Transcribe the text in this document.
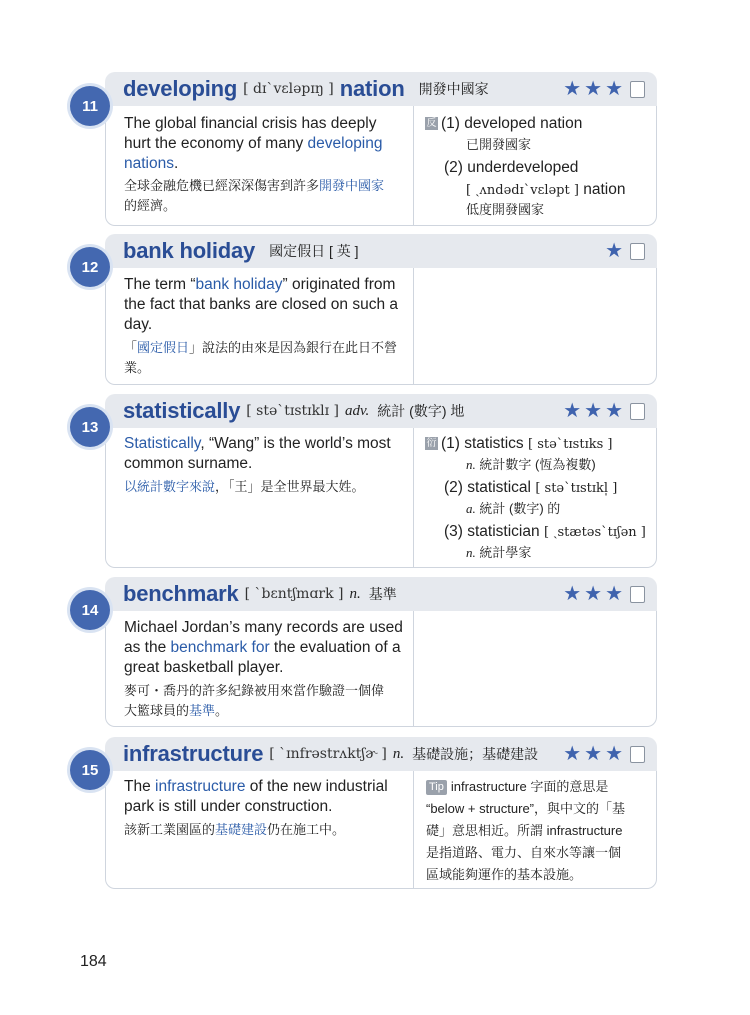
developing [ dɪˋvɛləpɪŋ ] nation 開發中國家	★ ★ ★
11
The global financial crisis has deeply
hurt the economy of many developing
nations.
全球金融危機已經深深傷害到許多開發中國家
的經濟。
反 (1) developed nation
已開發國家
(2) underdeveloped
[ ˏʌndədɪˋvɛləpt ] nation
低度開發國家
bank holiday 國定假日 [ 英 ]	★
12
The term “bank holiday” originated from
the fact that banks are closed on such a
day.
「國定假日」說法的由來是因為銀行在此日不營
業。
statistically [ stəˋtɪstɪklɪ ] adv. 統計 (數字) 地	★ ★ ★
13
Statistically, “Wang” is the world’s most
common surname.
以統計數字來說，「王」是全世界最大姓。
衍 (1) statistics [ stəˋtɪstɪks ]
n. 統計數字 (恆為複數)
(2) statistical [ stəˋtɪstɪkl̩ ]
a. 統計 (數字) 的
(3) statistician [ ˏstætəsˋtɪʃən ]
n. 統計學家
benchmark [ ˋbɛntʃmɑrk ] n. 基準	★ ★ ★
14
Michael Jordan’s many records are used
as the benchmark for the evaluation of a
great basketball player.
麥可・喬丹的許多紀錄被用來當作驗證一個偉
大籃球員的基準。
infrastructure [ ˋɪnfrəstrʌktʃɚ ] n. 基礎設施；基礎建設 ★ ★ ★
15
The infrastructure of the new industrial
park is still under construction.
該新工業園區的基礎建設仍在施工中。
Tip infrastructure 字面的意思是
“below + structure”，與中文的「基
礎」意思相近。所謂 infrastructure
是指道路、電力、自來水等讓一個
區域能夠運作的基本設施。
184
